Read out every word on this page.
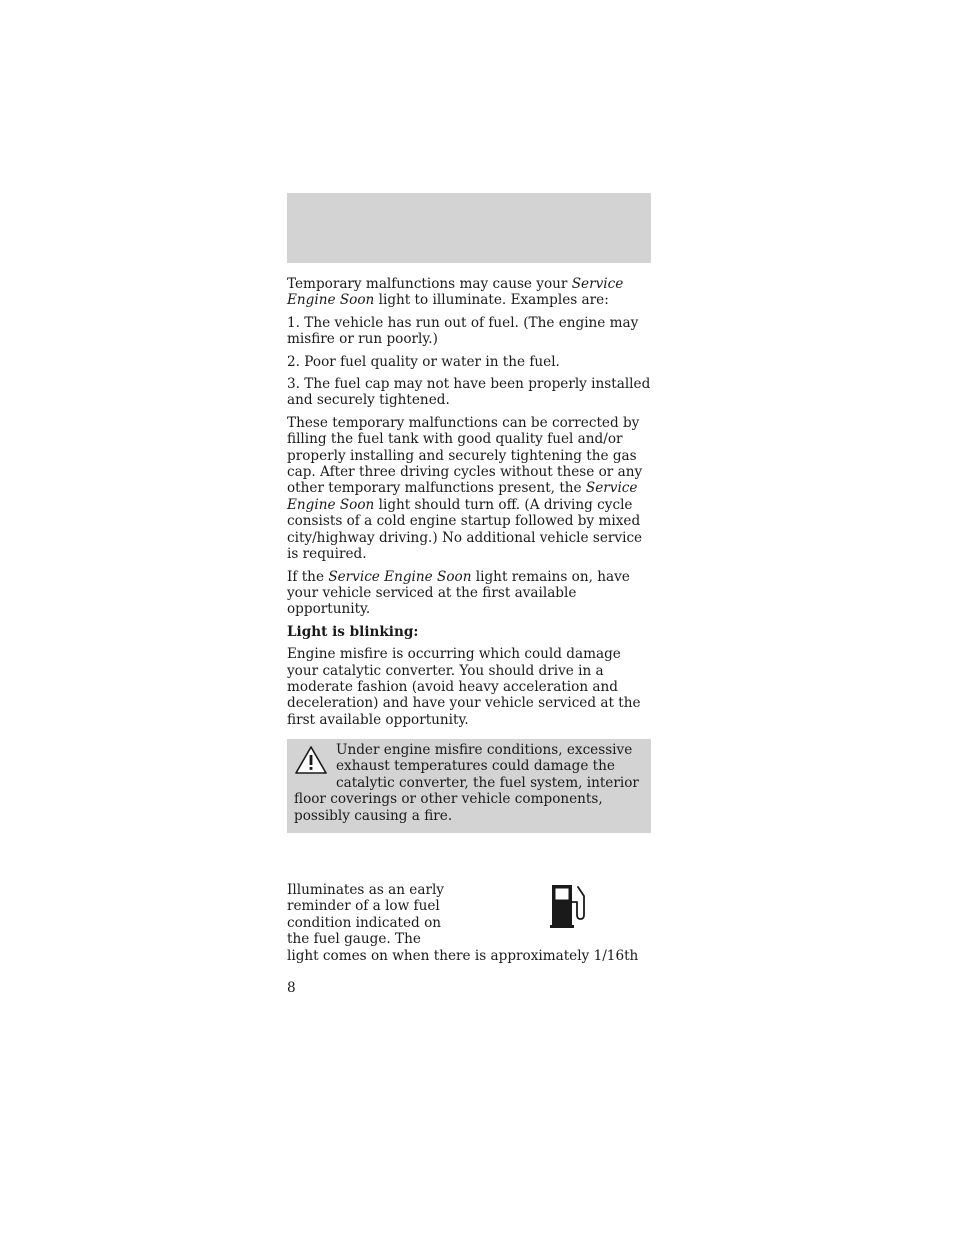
Temporary malfunctions may cause your Service Engine Soon light to illuminate. Examples are:

1. The vehicle has run out of fuel. (The engine may misfire or run poorly.)

2. Poor fuel quality or water in the fuel.

3. The fuel cap may not have been properly installed and securely tightened.

These temporary malfunctions can be corrected by filling the fuel tank with good quality fuel and/or properly installing and securely tightening the gas cap. After three driving cycles without these or any other temporary malfunctions present, the Service Engine Soon light should turn off. (A driving cycle consists of a cold engine startup followed by mixed city/highway driving.) No additional vehicle service is required.

If the Service Engine Soon light remains on, have your vehicle serviced at the first available opportunity.

Light is blinking:

Engine misfire is occurring which could damage your catalytic converter. You should drive in a moderate fashion (avoid heavy acceleration and deceleration) and have your vehicle serviced at the first available opportunity.

Under engine misfire conditions, excessive exhaust temperatures could damage the catalytic converter, the fuel system, interior floor coverings or other vehicle components, possibly causing a fire.
Illuminates as an early
reminder of a low fuel
condition indicated on
the fuel gauge. The
light comes on when there is approximately 1/16th
8
